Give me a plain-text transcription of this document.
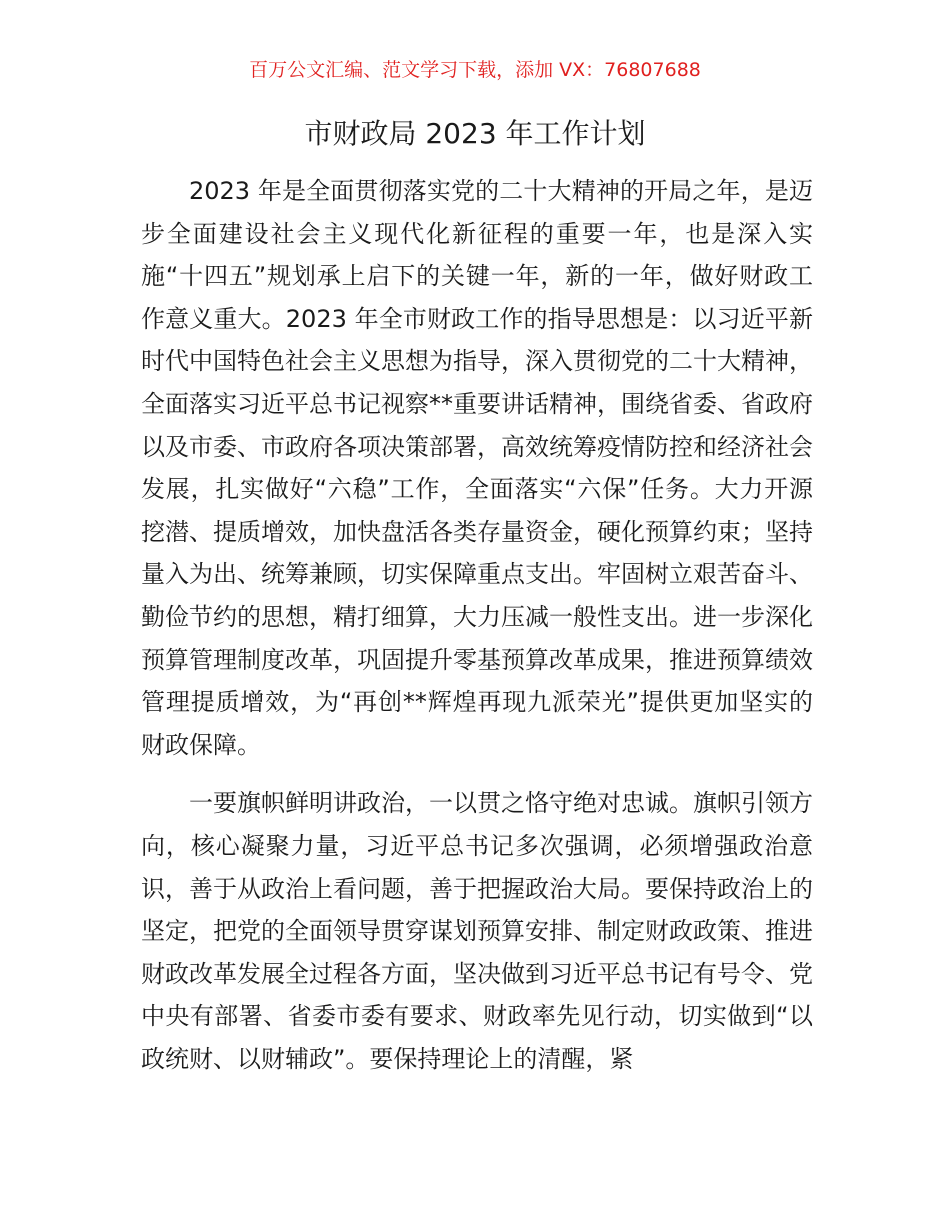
百万公文汇编、范文学习下载，添加 VX：76807688
市财政局 2023 年工作计划

2023 年是全面贯彻落实党的二十大精神的开局之年，是迈步全面建设社会主义现代化新征程的重要一年，也是深入实施“十四五”规划承上启下的关键一年，新的一年，做好财政工作意义重大。2023 年全市财政工作的指导思想是：以习近平新时代中国特色社会主义思想为指导，深入贯彻党的二十大精神，全面落实习近平总书记视察**重要讲话精神，围绕省委、省政府以及市委、市政府各项决策部署，高效统筹疫情防控和经济社会发展，扎实做好“六稳”工作，全面落实“六保”任务。大力开源挖潜、提质增效，加快盘活各类存量资金，硬化预算约束；坚持量入为出、统筹兼顾，切实保障重点支出。牢固树立艰苦奋斗、勤俭节约的思想，精打细算，大力压减一般性支出。进一步深化预算管理制度改革，巩固提升零基预算改革成果，推进预算绩效管理提质增效，为“再创**辉煌再现九派荣光”提供更加坚实的财政保障。

一要旗帜鲜明讲政治，一以贯之恪守绝对忠诚。旗帜引领方向，核心凝聚力量，习近平总书记多次强调，必须增强政治意识，善于从政治上看问题，善于把握政治大局。要保持政治上的坚定，把党的全面领导贯穿谋划预算安排、制定财政政策、推进财政改革发展全过程各方面，坚决做到习近平总书记有号令、党中央有部署、省委市委有要求、财政率先见行动，切实做到“以政统财、以财辅政”。要保持理论上的清醒，紧
